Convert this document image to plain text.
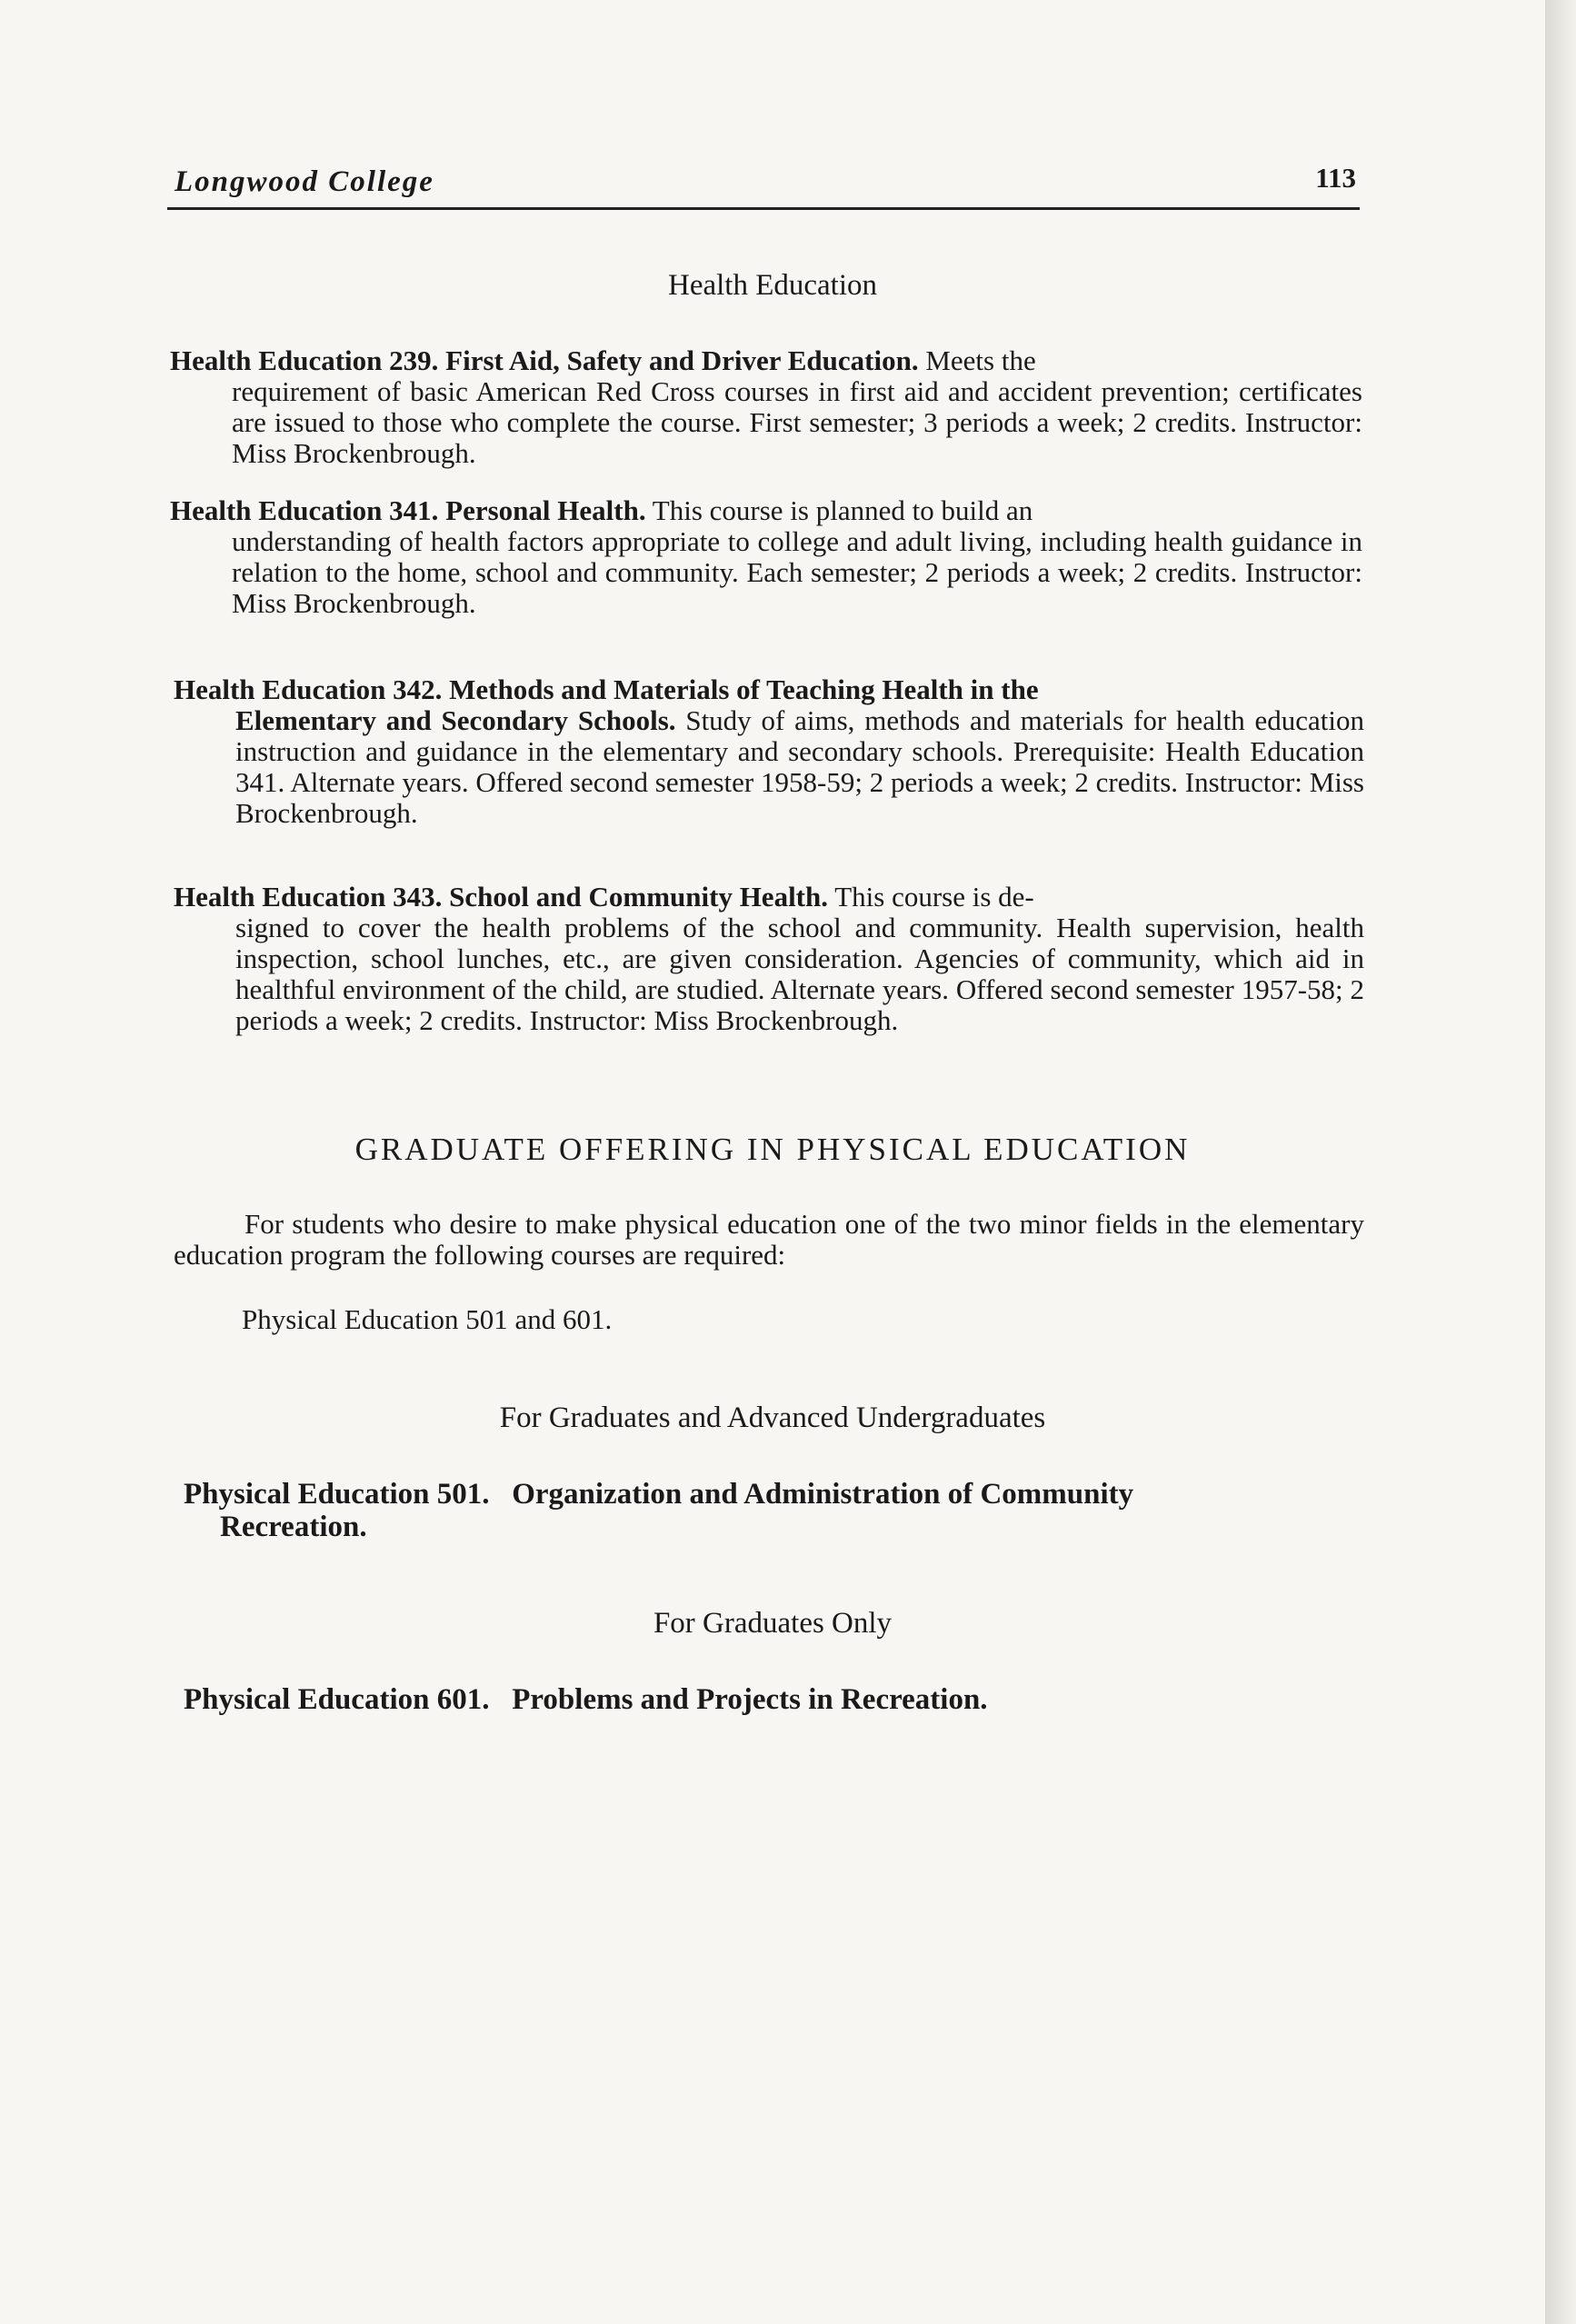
Longwood College	113
Health Education
Health Education 239. First Aid, Safety and Driver Education. Meets the
requirement of basic American Red Cross courses in first aid and accident prevention; certificates are issued to those who complete the course. First semester; 3 periods a week; 2 credits. Instructor: Miss Brockenbrough.
Health Education 341. Personal Health. This course is planned to build an
understanding of health factors appropriate to college and adult living, including health guidance in relation to the home, school and community. Each semester; 2 periods a week; 2 credits. Instructor: Miss Brockenbrough.
Health Education 342. Methods and Materials of Teaching Health in the
Elementary and Secondary Schools. Study of aims, methods and materials for health education instruction and guidance in the elementary and secondary schools. Prerequisite: Health Education 341. Alternate years. Offered second semester 1958-59; 2 periods a week; 2 credits. Instructor: Miss Brockenbrough.
Health Education 343. School and Community Health. This course is de-
signed to cover the health problems of the school and community. Health supervision, health inspection, school lunches, etc., are given consideration. Agencies of community, which aid in healthful environment of the child, are studied. Alternate years. Offered second semester 1957-58; 2 periods a week; 2 credits. Instructor: Miss Brockenbrough.
GRADUATE OFFERING IN PHYSICAL EDUCATION
For students who desire to make physical education one of the two minor fields in the elementary education program the following courses are required:
Physical Education 501 and 601.
For Graduates and Advanced Undergraduates
Physical Education 501. Organization and Administration of Community
Recreation.
For Graduates Only
Physical Education 601. Problems and Projects in Recreation.
